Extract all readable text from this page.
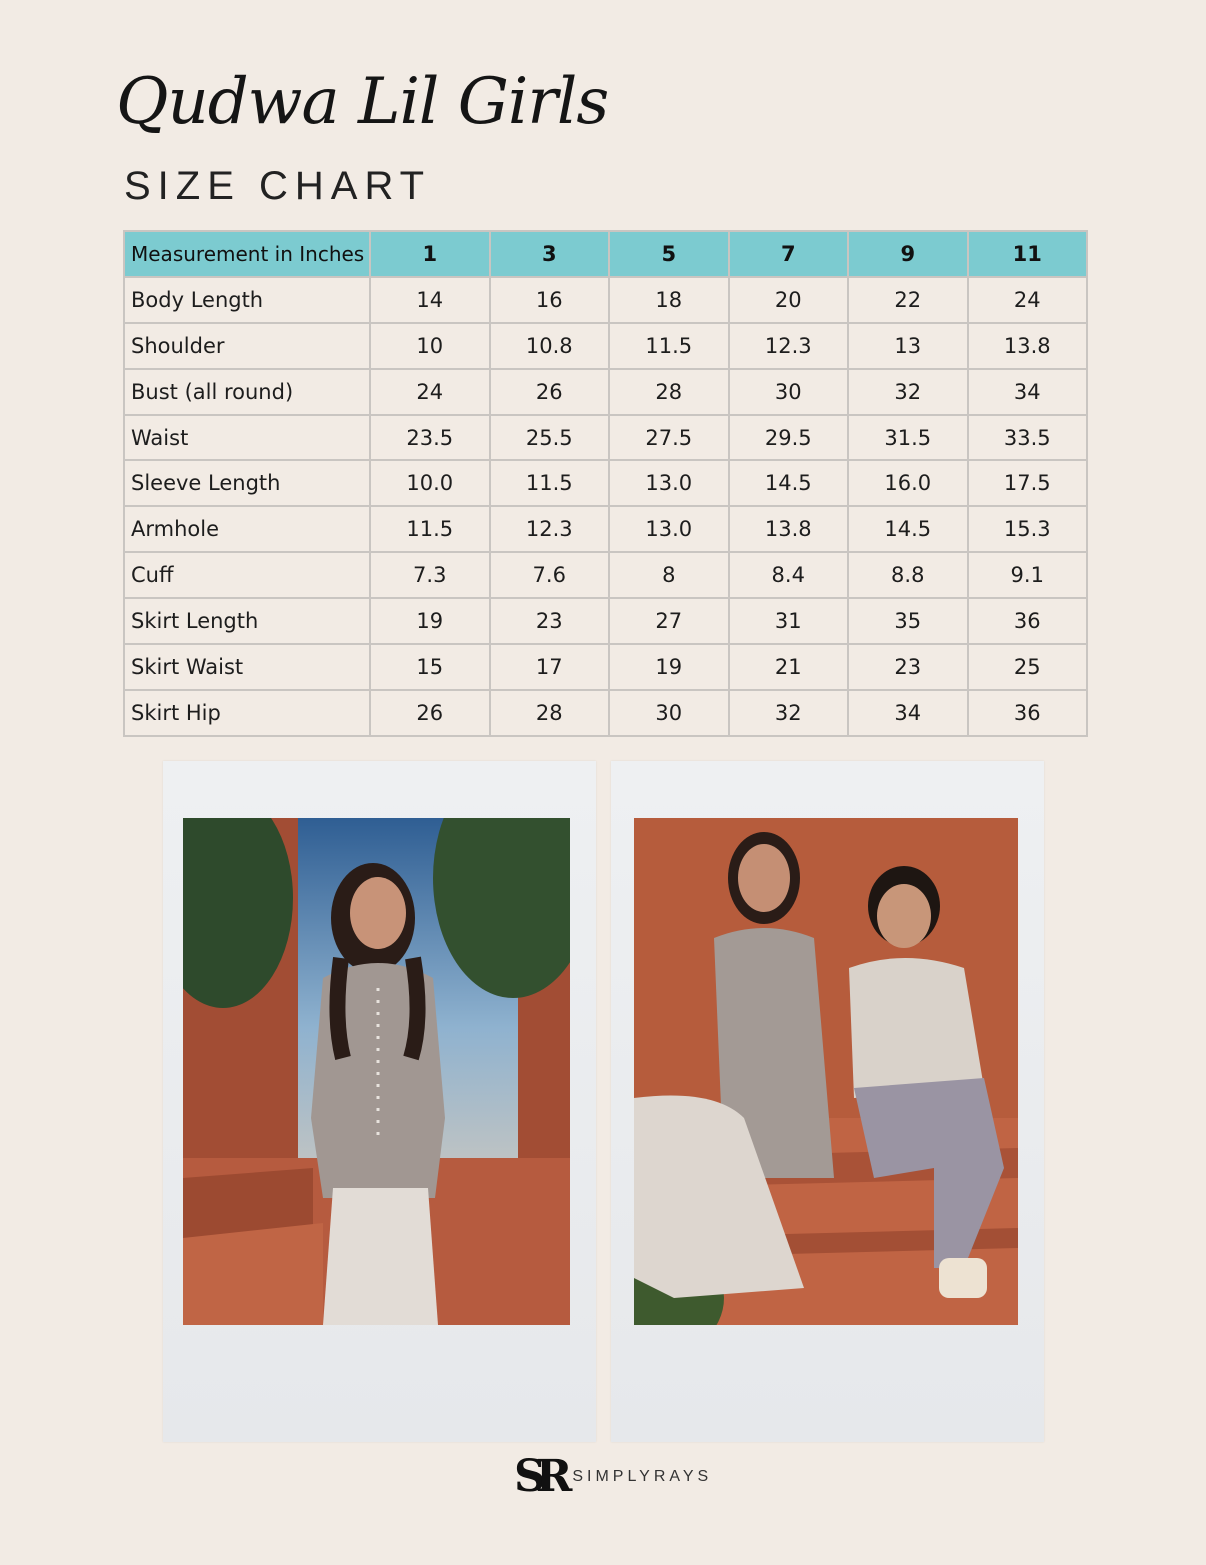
Qudwa Lil Girls
SIZE CHART
Measurement in Inches	1	3	5	7	9	11
Body Length	14	16	18	20	22	24
Shoulder	10	10.8	11.5	12.3	13	13.8
Bust (all round)	24	26	28	30	32	34
Waist	23.5	25.5	27.5	29.5	31.5	33.5
Sleeve Length	10.0	11.5	13.0	14.5	16.0	17.5
Armhole	11.5	12.3	13.0	13.8	14.5	15.3
Cuff	7.3	7.6	8	8.4	8.8	9.1
Skirt Length	19	23	27	31	35	36
Skirt Waist	15	17	19	21	23	25
Skirt Hip	26	28	30	32	34	36
SR SIMPLYRAYS
